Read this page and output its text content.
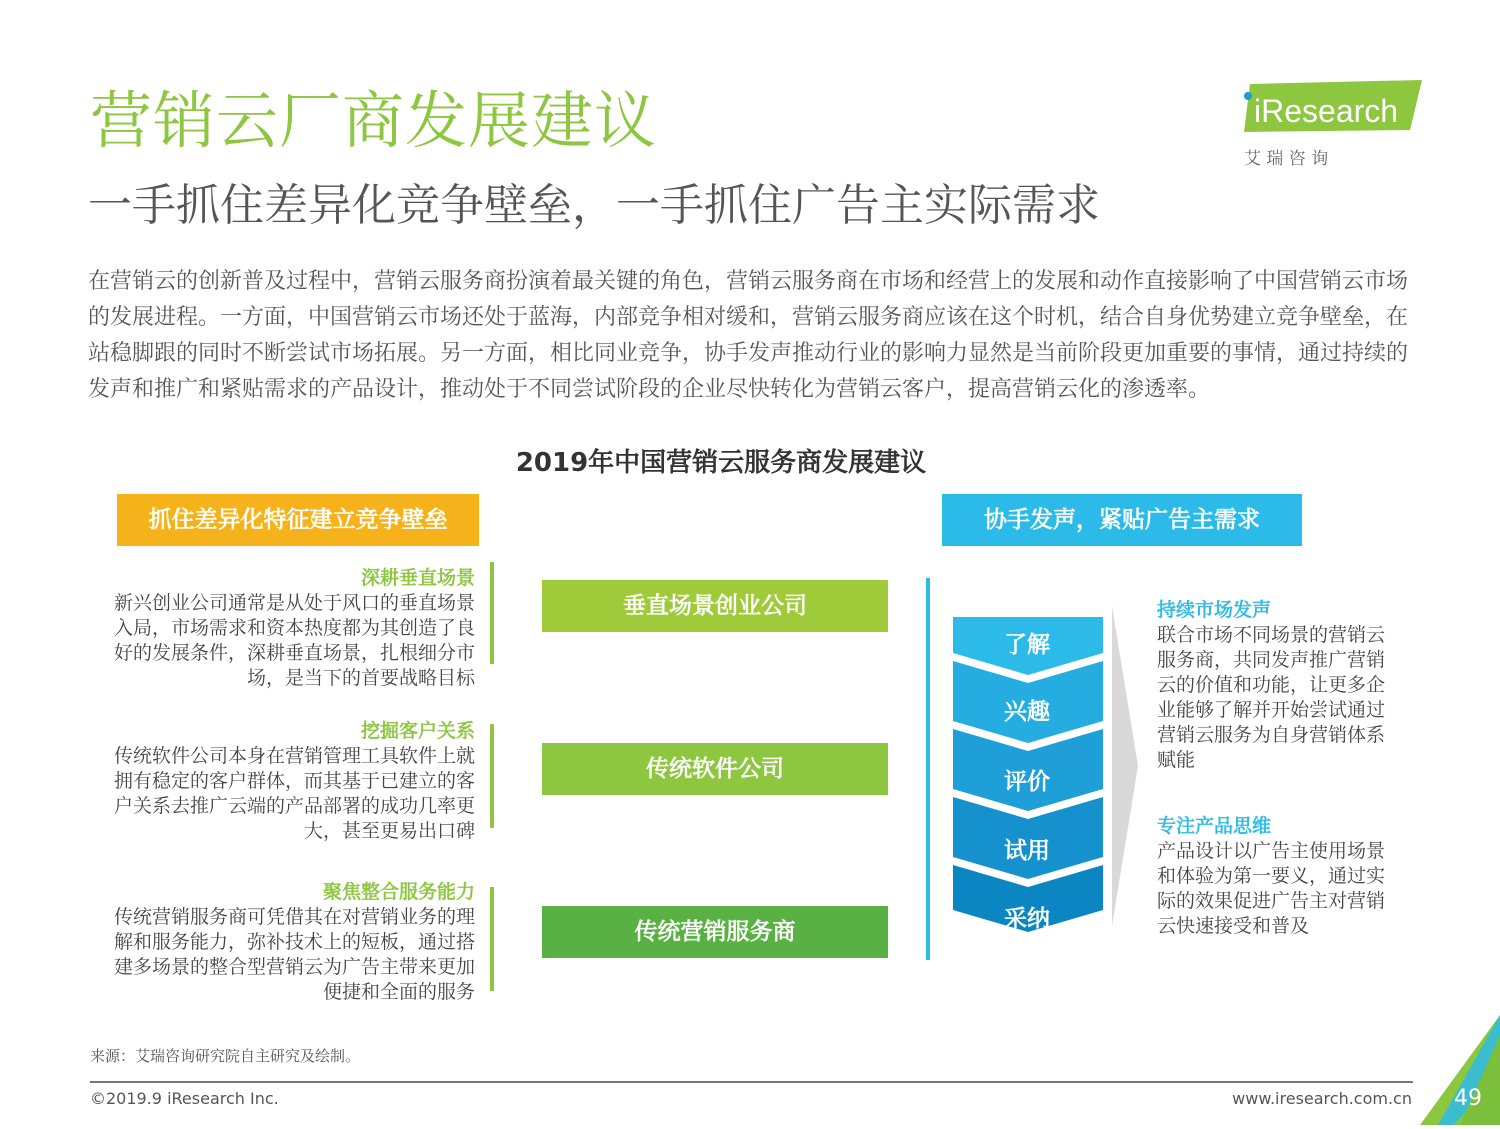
营销云厂商发展建议
一手抓住差异化竞争壁垒，一手抓住广告主实际需求
iResearch
艾 瑞 咨 询

在营销云的创新普及过程中，营销云服务商扮演着最关键的角色，营销云服务商在市场和经营上的发展和动作直接影响了中国营销云市场的发展进程。一方面，中国营销云市场还处于蓝海，内部竞争相对缓和，营销云服务商应该在这个时机，结合自身优势建立竞争壁垒，在站稳脚跟的同时不断尝试市场拓展。另一方面，相比同业竞争，协手发声推动行业的影响力显然是当前阶段更加重要的事情，通过持续的发声和推广和紧贴需求的产品设计，推动处于不同尝试阶段的企业尽快转化为营销云客户，提高营销云化的渗透率。

2019年中国营销云服务商发展建议
抓住差异化特征建立竞争壁垒	协手发声，紧贴广告主需求
深耕垂直场景
新兴创业公司通常是从处于风口的垂直场景入局，市场需求和资本热度都为其创造了良好的发展条件，深耕垂直场景，扎根细分市场，是当下的首要战略目标
挖掘客户关系
传统软件公司本身在营销管理工具软件上就拥有稳定的客户群体，而其基于已建立的客户关系去推广云端的产品部署的成功几率更大，甚至更易出口碑
聚焦整合服务能力
传统营销服务商可凭借其在对营销业务的理解和服务能力，弥补技术上的短板，通过搭建多场景的整合型营销云为广告主带来更加便捷和全面的服务
垂直场景创业公司
传统软件公司
传统营销服务商
了解
兴趣
评价
试用
采纳
持续市场发声
联合市场不同场景的营销云服务商，共同发声推广营销云的价值和功能，让更多企业能够了解并开始尝试通过营销云服务为自身营销体系赋能
专注产品思维
产品设计以广告主使用场景和体验为第一要义，通过实际的效果促进广告主对营销云快速接受和普及
来源：艾瑞咨询研究院自主研究及绘制。
©2019.9 iResearch Inc.	www.iresearch.com.cn 49
